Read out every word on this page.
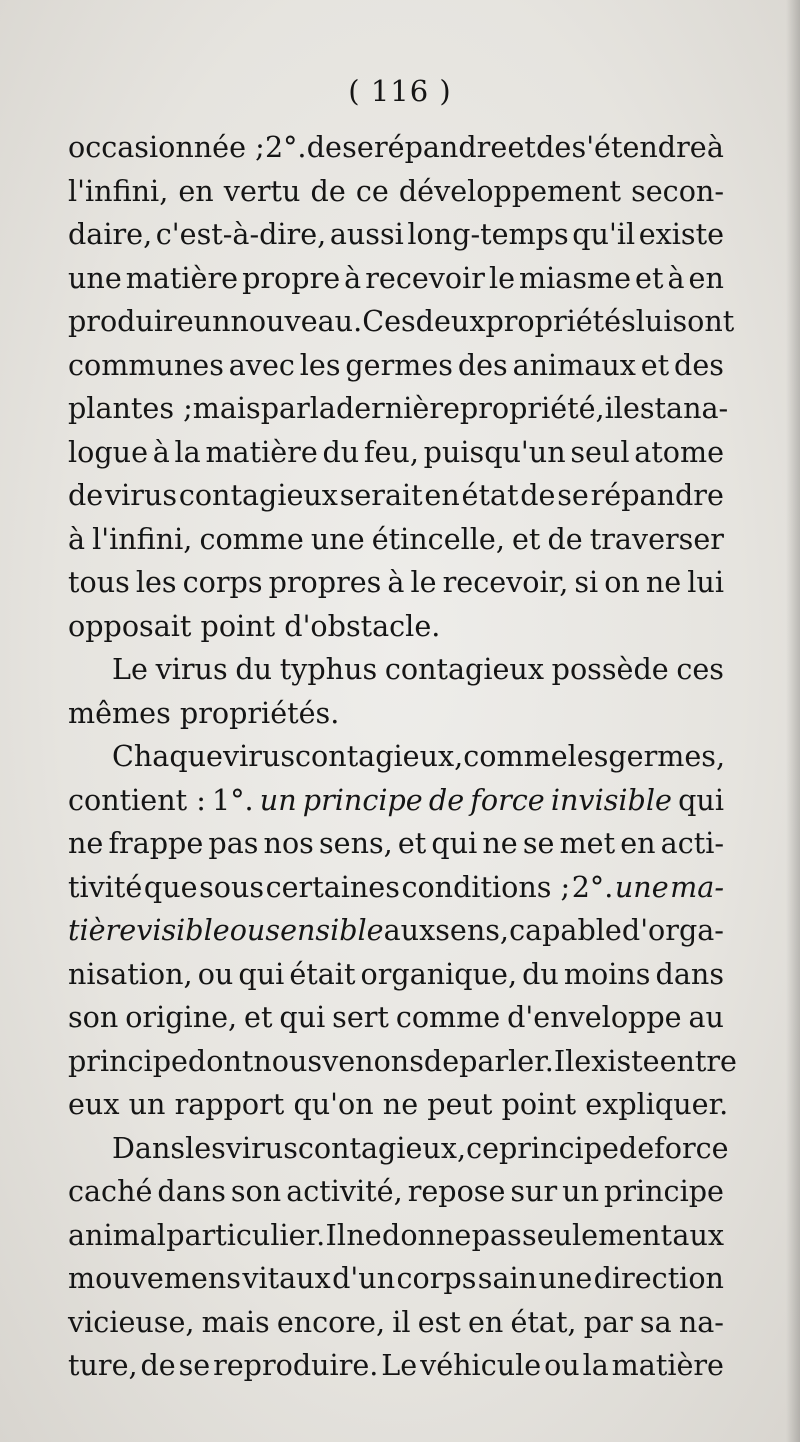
( 116 )
occasionnée ; 2°. de se répandre et de s'étendre à
l'infini, en vertu de ce développement secon-
daire, c'est-à-dire, aussi long-temps qu'il existe
une matière propre à recevoir le miasme et à en
produire un nouveau. Ces deux propriétés lui sont
communes avec les germes des animaux et des
plantes ; mais par la dernière propriété, il est ana-
logue à la matière du feu, puisqu'un seul atome
de virus contagieux serait en état de se répandre
à l'infini, comme une étincelle, et de traverser
tous les corps propres à le recevoir, si on ne lui
opposait point d'obstacle.
Le virus du typhus contagieux possède ces
mêmes propriétés.
Chaque virus contagieux, comme les germes,
contient : 1°. un principe de force invisible qui
ne frappe pas nos sens, et qui ne se met en acti-
tivité que sous certaines conditions ; 2°. une ma-
tière visible ou sensible aux sens, capable d'orga-
nisation, ou qui était organique, du moins dans
son origine, et qui sert comme d'enveloppe au
principe dont nous venons de parler. Il existe entre
eux un rapport qu'on ne peut point expliquer.
Dans les virus contagieux, ce principe de force
caché dans son activité, repose sur un principe
animal particulier. Il ne donne pas seulement aux
mouvemens vitaux d'un corps sain une direction
vicieuse, mais encore, il est en état, par sa na-
ture, de se reproduire. Le véhicule ou la matière
